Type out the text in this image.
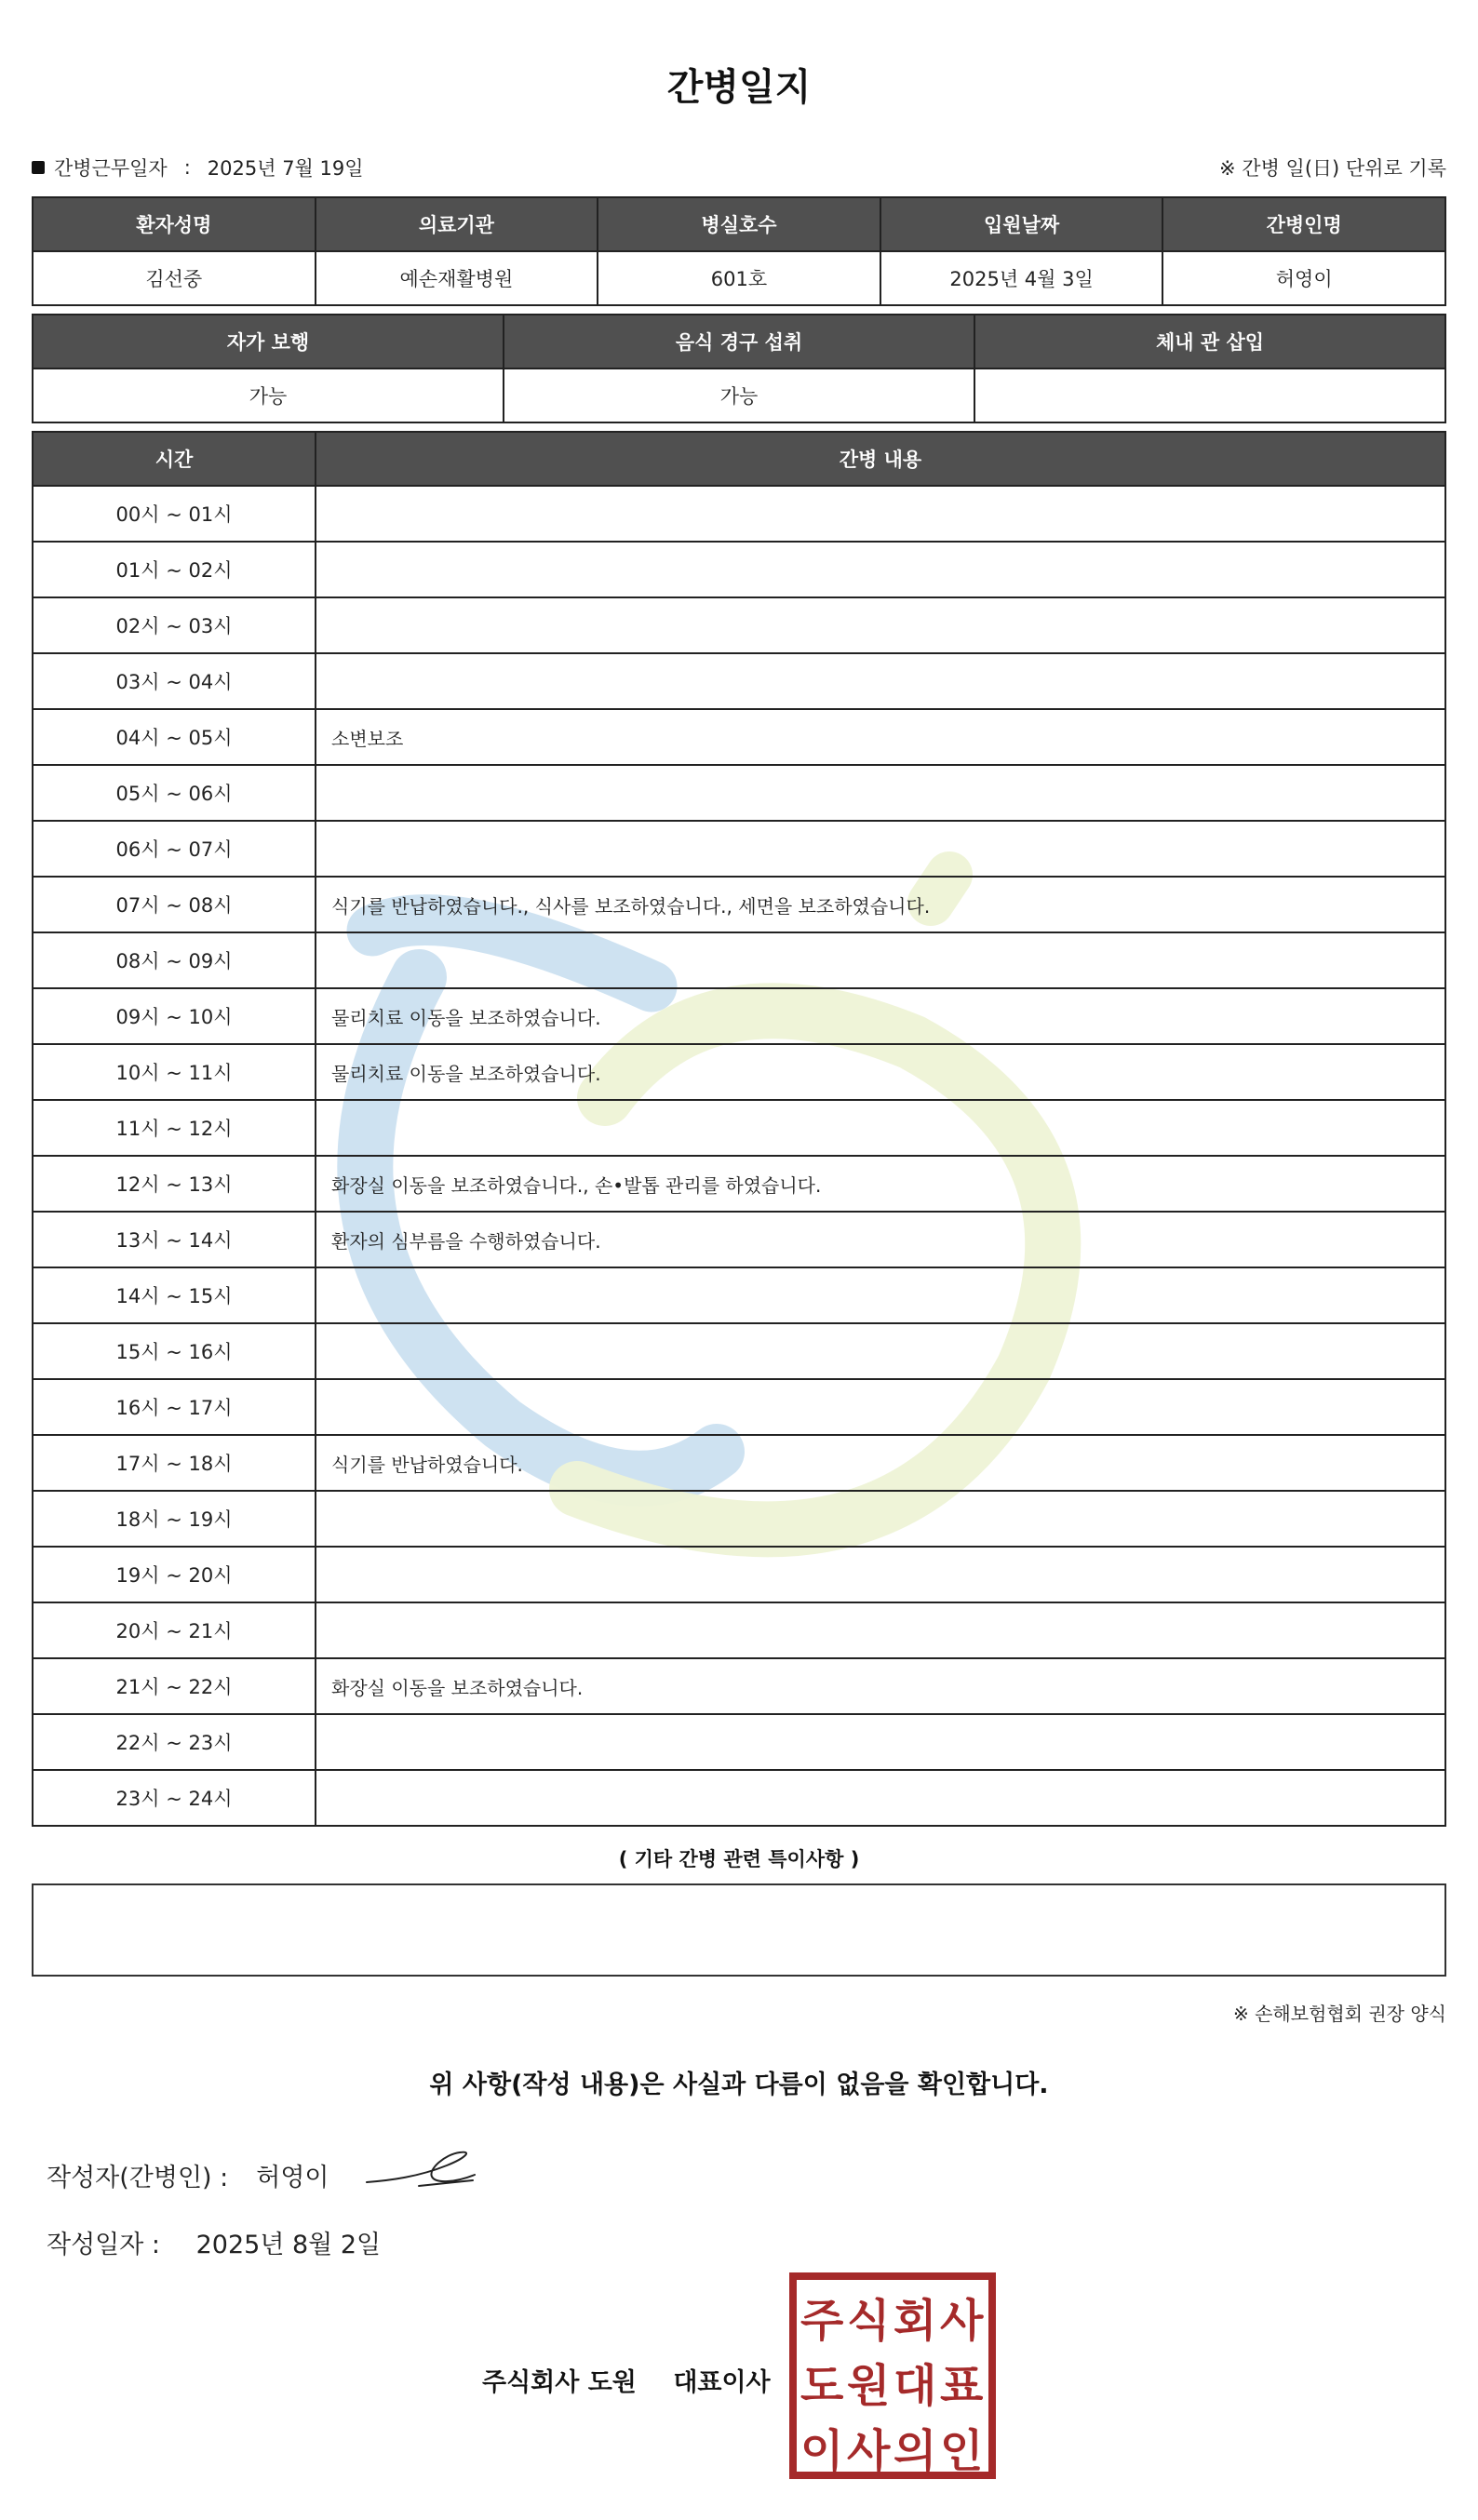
간병일지
간병근무일자 : 2025년 7월 19일	※ 간병 일(日) 단위로 기록
환자성명	의료기관	병실호수	입원날짜	간병인명
김선중	예손재활병원	601호	2025년 4월 3일	허영이
자가 보행	음식 경구 섭취	체내 관 삽입
가능	가능	
시간	간병 내용
00시 ~ 01시	
01시 ~ 02시	
02시 ~ 03시	
03시 ~ 04시	
04시 ~ 05시	소변보조
05시 ~ 06시	
06시 ~ 07시	
07시 ~ 08시	식기를 반납하였습니다., 식사를 보조하였습니다., 세면을 보조하였습니다.
08시 ~ 09시	
09시 ~ 10시	물리치료 이동을 보조하였습니다.
10시 ~ 11시	물리치료 이동을 보조하였습니다.
11시 ~ 12시	
12시 ~ 13시	화장실 이동을 보조하였습니다., 손•발톱 관리를 하였습니다.
13시 ~ 14시	환자의 심부름을 수행하였습니다.
14시 ~ 15시	
15시 ~ 16시	
16시 ~ 17시	
17시 ~ 18시	식기를 반납하였습니다.
18시 ~ 19시	
19시 ~ 20시	
20시 ~ 21시	
21시 ~ 22시	화장실 이동을 보조하였습니다.
22시 ~ 23시	
23시 ~ 24시	
( 기타 간병 관련 특이사항 )
※ 손해보험협회 권장 양식
위 사항(작성 내용)은 사실과 다름이 없음을 확인합니다.
작성자(간병인) : 허영이
작성일자 : 2025년 8월 2일
주식회사 도원 대표이사
주 식 회 사
도 원 대 표
이 사 의 인
